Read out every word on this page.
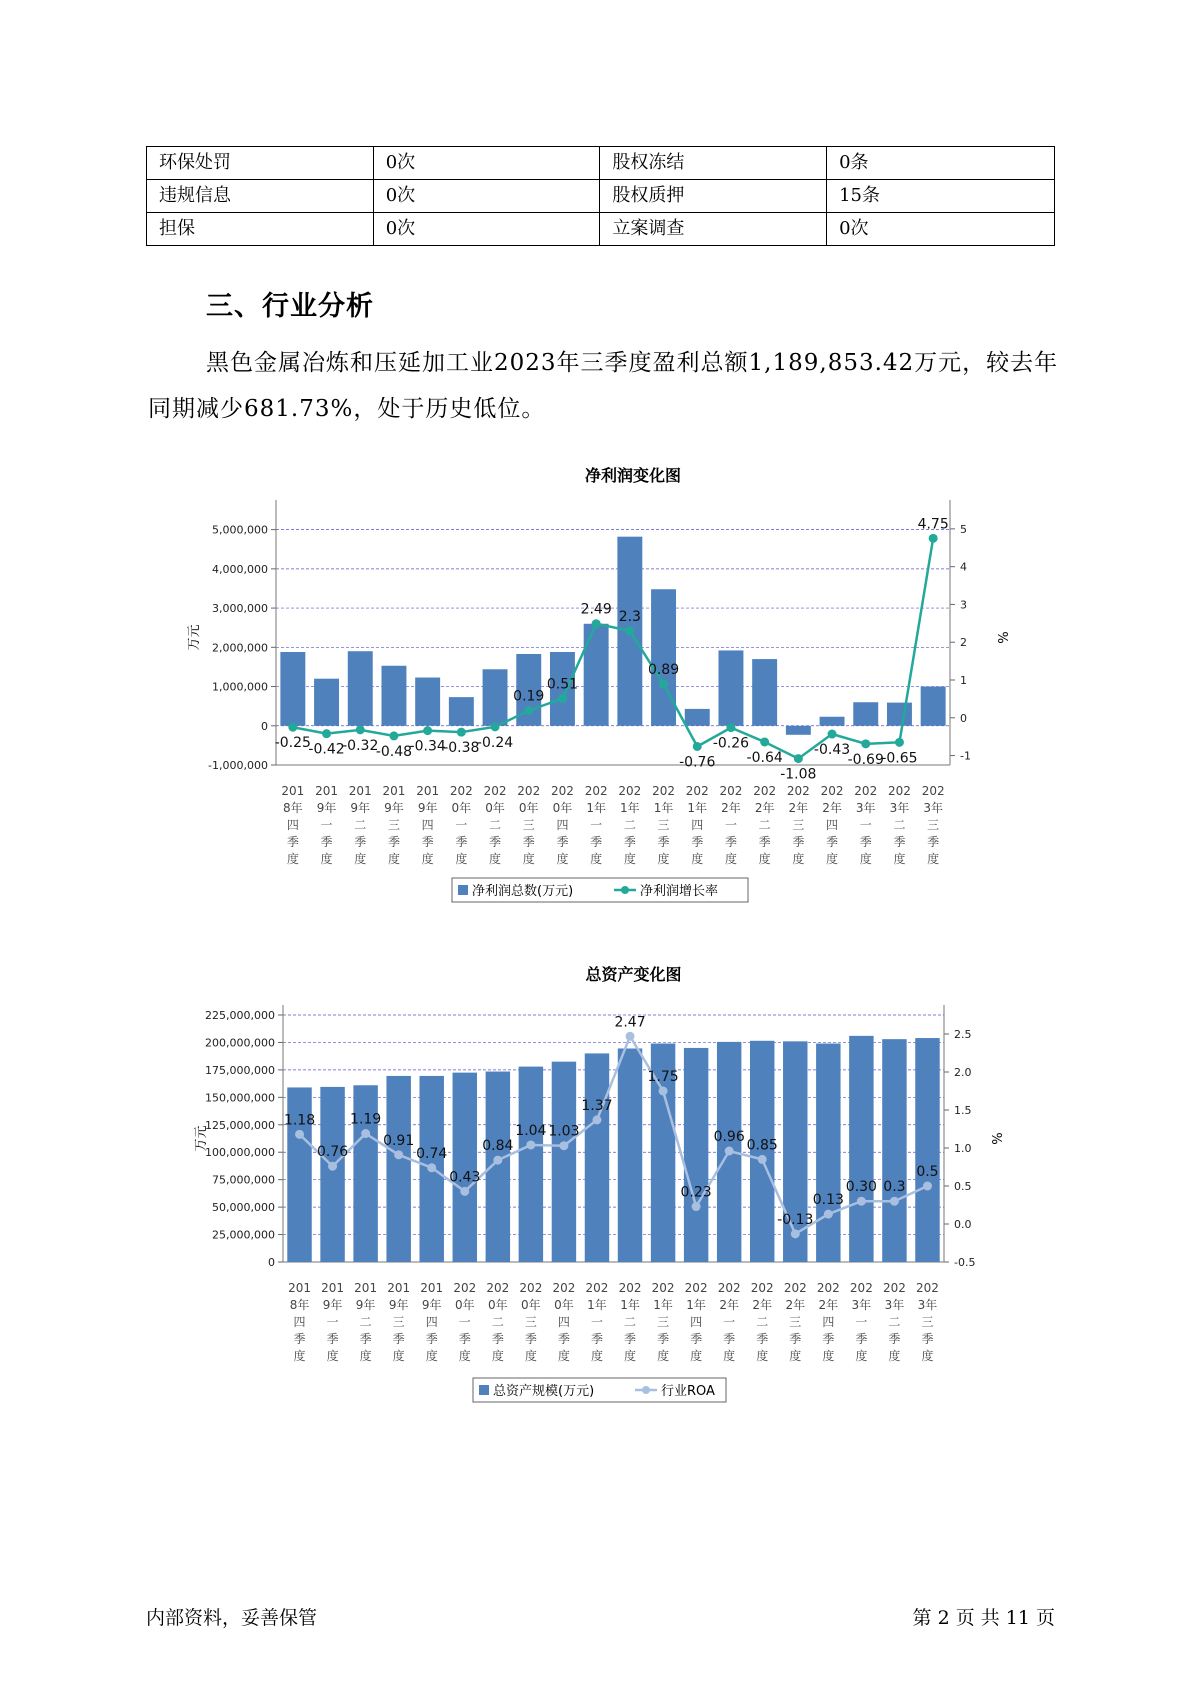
环保处罚	0次	股权冻结	0条
违规信息	0次	股权质押	15条
担保	0次	立案调查	0次
三、行业分析
黑色金属冶炼和压延加工业2023年三季度盈利总额1,189,853.42万元，较去年同期减少681.73%，处于历史低位。
净利润变化图
5,000,000
4,000,000
3,000,000
2,000,000
1,000,000
0
-1,000,000
5
4
3
2
1
0
-1
万元	%
-0.25
-0.42
-0.32
-0.48
-0.34
-0.38
-0.24
0.19
0.51
2.49 2.3
0.89
-0.76
-0.26
-0.64
-1.08
-0.43
-0.69
-0.65
4.75
201
8年
四
季
度
201
9年
一
季
度
201
9年
二
季
度
201
9年
三
季
度
201
9年
四
季
度
202
0年
一
季
度
202
0年
二
季
度
202
0年
三
季
度
202
0年
四
季
度
202
1年
一
季
度
202
1年
二
季
度
202
1年
三
季
度
202
1年
四
季
度
202
2年
一
季
度
202
2年
二
季
度
202
2年
三
季
度
202
2年
四
季
度
202
3年
一
季
度
202
3年
二
季
度
202
3年
三
季
度
净利润总数(万元)	净利润增长率
总资产变化图
225,000,000
200,000,000
175,000,000
150,000,000
125,000,000
100,000,000
75,000,000
50,000,000
25,000,000
0
2.5
2.0
1.5
1.0
0.5
0.0
-0.5
万元	%
1.18
0.76
1.19
0.91
0.74
0.43
0.84
1.04 1.03
1.37
2.47
1.75
0.23
0.96
0.85
-0.13
0.13
0.30 0.3
0.5
201
8年
四
季
度
201
9年
一
季
度
201
9年
二
季
度
201
9年
三
季
度
201
9年
四
季
度
202
0年
一
季
度
202
0年
二
季
度
202
0年
三
季
度
202
0年
四
季
度
202
1年
一
季
度
202
1年
二
季
度
202
1年
三
季
度
202
1年
四
季
度
202
2年
一
季
度
202
2年
二
季
度
202
2年
三
季
度
202
2年
四
季
度
202
3年
一
季
度
202
3年
二
季
度
202
3年
三
季
度
总资产规模(万元)	行业ROA
内部资料，妥善保管	第 2 页 共 11 页
